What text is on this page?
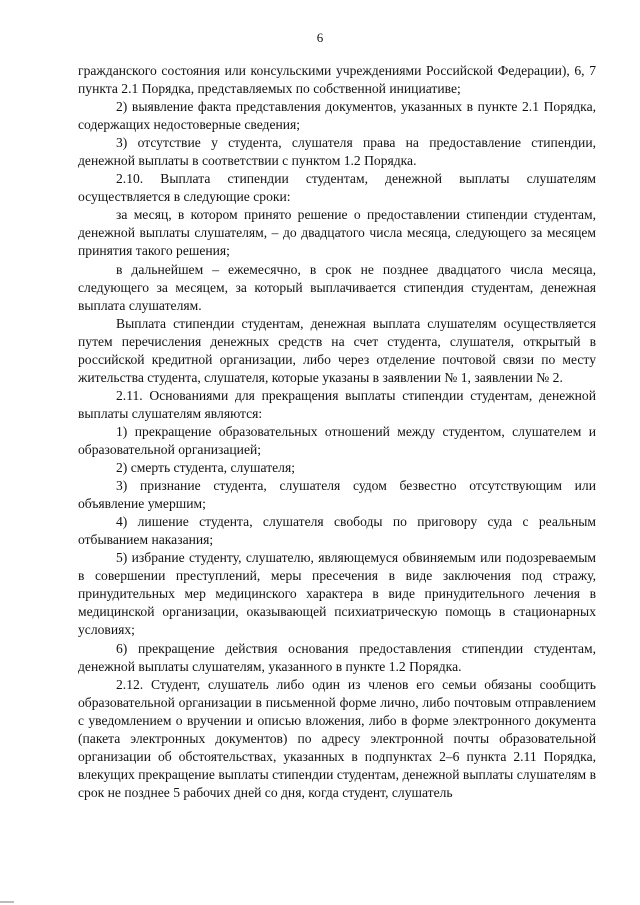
6

гражданского состояния или консульскими учреждениями Российской Федерации), 6, 7 пункта 2.1 Порядка, представляемых по собственной инициативе;

2) выявление факта представления документов, указанных в пункте 2.1 Порядка, содержащих недостоверные сведения;

3) отсутствие у студента, слушателя права на предоставление стипендии, денежной выплаты в соответствии с пунктом 1.2 Порядка.

2.10. Выплата стипендии студентам, денежной выплаты слушателям осуществляется в следующие сроки:

за месяц, в котором принято решение о предоставлении стипендии студентам, денежной выплаты слушателям, – до двадцатого числа месяца, следующего за месяцем принятия такого решения;

в дальнейшем – ежемесячно, в срок не позднее двадцатого числа месяца, следующего за месяцем, за который выплачивается стипендия студентам, денежная выплата слушателям.

Выплата стипендии студентам, денежная выплата слушателям осуществляется путем перечисления денежных средств на счет студента, слушателя, открытый в российской кредитной организации, либо через отделение почтовой связи по месту жительства студента, слушателя, которые указаны в заявлении № 1, заявлении № 2.

2.11. Основаниями для прекращения выплаты стипендии студентам, денежной выплаты слушателям являются:

1) прекращение образовательных отношений между студентом, слушателем и образовательной организацией;

2) смерть студента, слушателя;

3) признание студента, слушателя судом безвестно отсутствующим или объявление умершим;

4) лишение студента, слушателя свободы по приговору суда с реальным отбыванием наказания;

5) избрание студенту, слушателю, являющемуся обвиняемым или подозреваемым в совершении преступлений, меры пресечения в виде заключения под стражу, принудительных мер медицинского характера в виде принудительного лечения в медицинской организации, оказывающей психиатрическую помощь в стационарных условиях;

6) прекращение действия основания предоставления стипендии студентам, денежной выплаты слушателям, указанного в пункте 1.2 Порядка.

2.12. Студент, слушатель либо один из членов его семьи обязаны сообщить образовательной организации в письменной форме лично, либо почтовым отправлением с уведомлением о вручении и описью вложения, либо в форме электронного документа (пакета электронных документов) по адресу электронной почты образовательной организации об обстоятельствах, указанных в подпунктах 2–6 пункта 2.11 Порядка, влекущих прекращение выплаты стипендии студентам, денежной выплаты слушателям в срок не позднее 5 рабочих дней со дня, когда студент, слушатель
